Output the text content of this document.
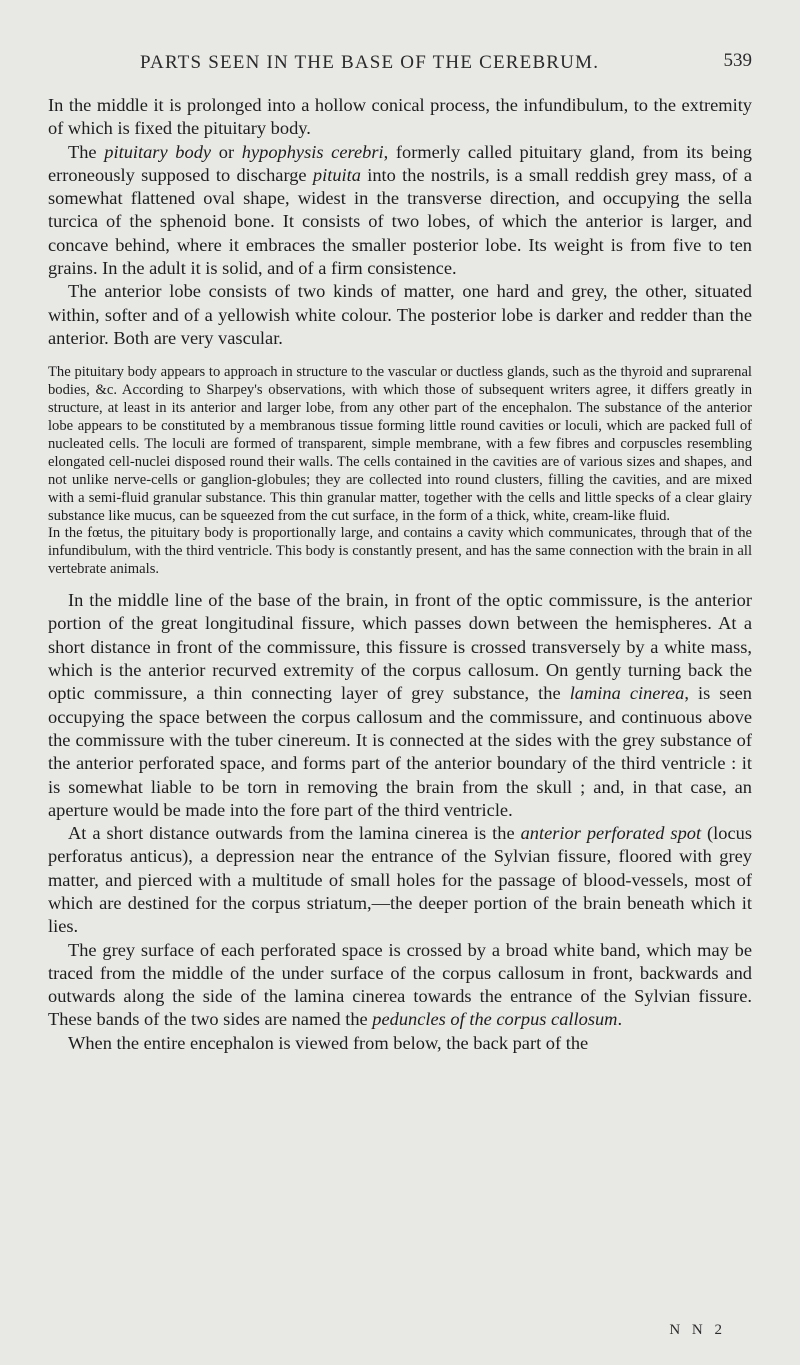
PARTS SEEN IN THE BASE OF THE CEREBRUM.	539

In the middle it is prolonged into a hollow conical process, the infundibulum, to the extremity of which is fixed the pituitary body.

The pituitary body or hypophysis cerebri, formerly called pituitary gland, from its being erroneously supposed to discharge pituita into the nostrils, is a small reddish grey mass, of a somewhat flattened oval shape, widest in the transverse direction, and occupying the sella turcica of the sphenoid bone. It consists of two lobes, of which the anterior is larger, and concave behind, where it embraces the smaller posterior lobe. Its weight is from five to ten grains. In the adult it is solid, and of a firm consistence.

The anterior lobe consists of two kinds of matter, one hard and grey, the other, situated within, softer and of a yellowish white colour. The posterior lobe is darker and redder than the anterior. Both are very vascular.

The pituitary body appears to approach in structure to the vascular or ductless glands, such as the thyroid and suprarenal bodies, &c. According to Sharpey's observations, with which those of subsequent writers agree, it differs greatly in structure, at least in its anterior and larger lobe, from any other part of the encephalon. The substance of the anterior lobe appears to be constituted by a membranous tissue forming little round cavities or loculi, which are packed full of nucleated cells. The loculi are formed of transparent, simple membrane, with a few fibres and corpuscles resembling elongated cell-nuclei disposed round their walls. The cells contained in the cavities are of various sizes and shapes, and not unlike nerve-cells or ganglion-globules; they are collected into round clusters, filling the cavities, and are mixed with a semi-fluid granular substance. This thin granular matter, together with the cells and little specks of a clear glairy substance like mucus, can be squeezed from the cut surface, in the form of a thick, white, cream-like fluid.

In the fœtus, the pituitary body is proportionally large, and contains a cavity which communicates, through that of the infundibulum, with the third ventricle. This body is constantly present, and has the same connection with the brain in all vertebrate animals.

In the middle line of the base of the brain, in front of the optic commissure, is the anterior portion of the great longitudinal fissure, which passes down between the hemispheres. At a short distance in front of the commissure, this fissure is crossed transversely by a white mass, which is the anterior recurved extremity of the corpus callosum. On gently turning back the optic commissure, a thin connecting layer of grey substance, the lamina cinerea, is seen occupying the space between the corpus callosum and the commissure, and continuous above the commissure with the tuber cinereum. It is connected at the sides with the grey substance of the anterior perforated space, and forms part of the anterior boundary of the third ventricle : it is somewhat liable to be torn in removing the brain from the skull ; and, in that case, an aperture would be made into the fore part of the third ventricle.

At a short distance outwards from the lamina cinerea is the anterior perforated spot (locus perforatus anticus), a depression near the entrance of the Sylvian fissure, floored with grey matter, and pierced with a multitude of small holes for the passage of blood-vessels, most of which are destined for the corpus striatum,—the deeper portion of the brain beneath which it lies.

The grey surface of each perforated space is crossed by a broad white band, which may be traced from the middle of the under surface of the corpus callosum in front, backwards and outwards along the side of the lamina cinerea towards the entrance of the Sylvian fissure. These bands of the two sides are named the peduncles of the corpus callosum.

When the entire encephalon is viewed from below, the back part of the

N N 2
